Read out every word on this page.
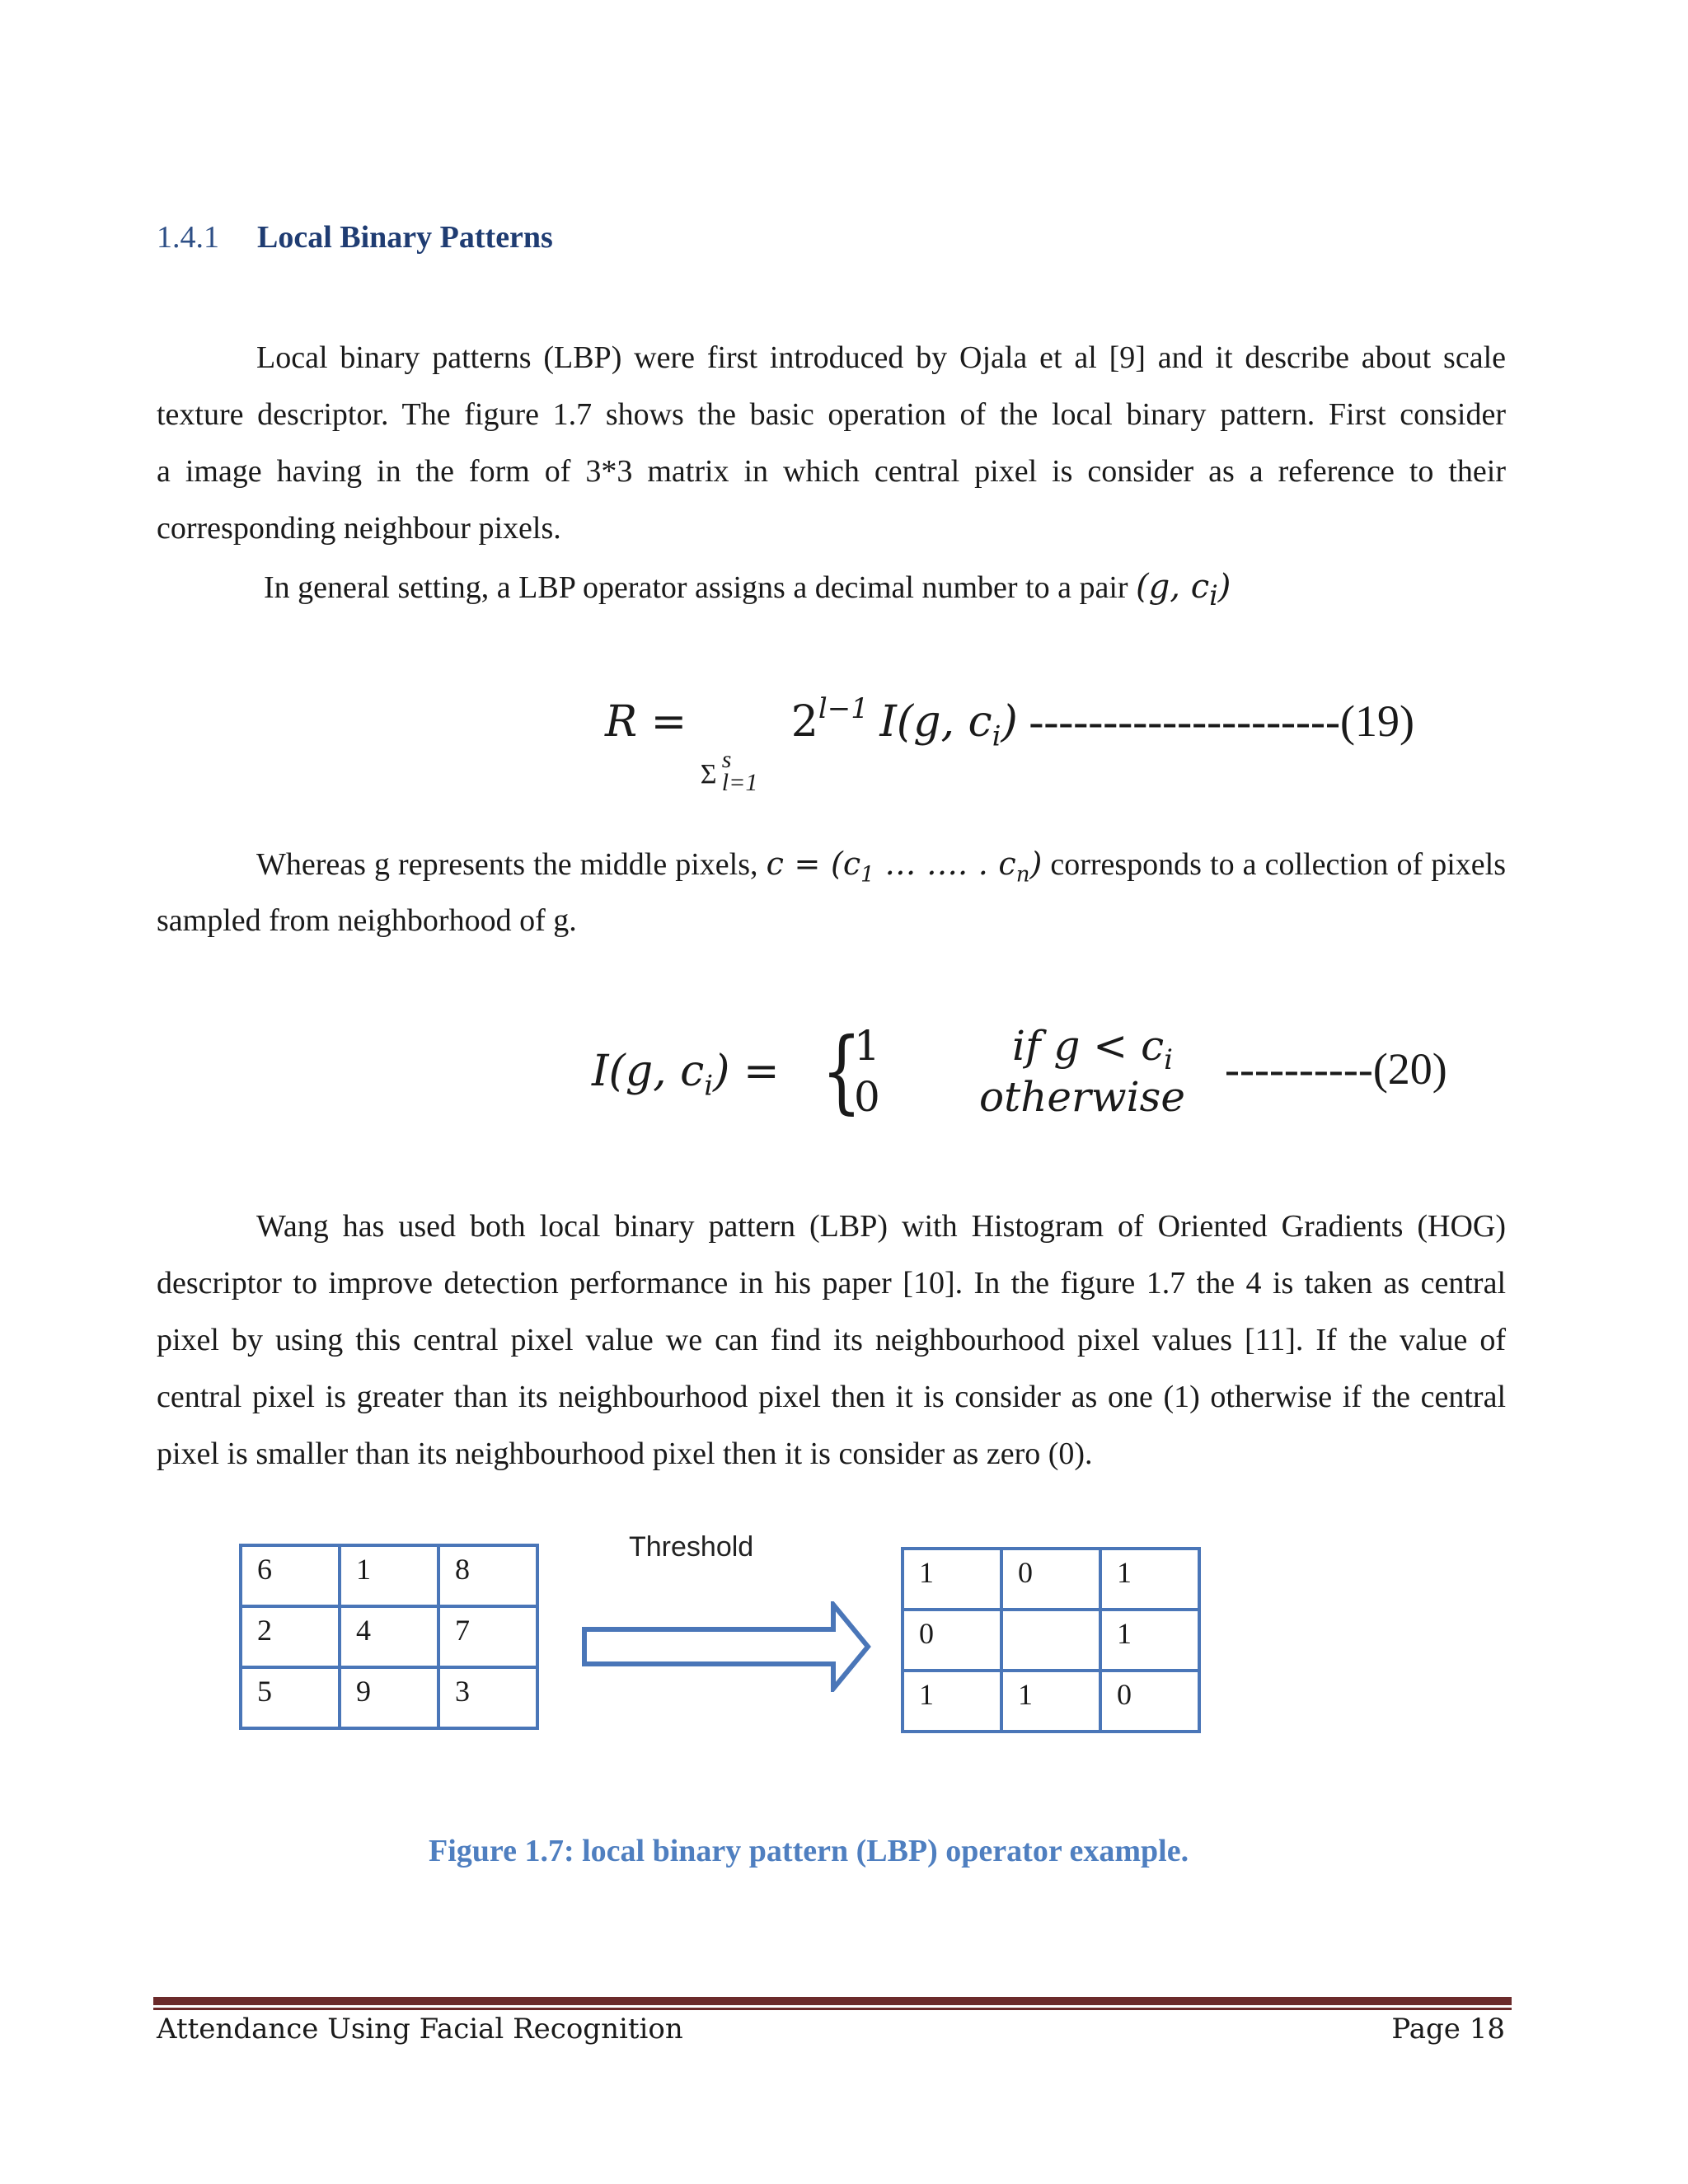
1.4.1 Local Binary Patterns
Local binary patterns (LBP) were first introduced by Ojala et al [9] and it describe about scale
texture descriptor. The figure 1.7 shows the basic operation of the local binary pattern. First consider
a image having in the form of 3*3 matrix in which central pixel is consider as a reference to their
corresponding neighbour pixels.
In general setting, a LBP operator assigns a decimal number to a pair (g, $c_i$)
R =
Σ s
l=1
$2^{l-1}$ I(g, $c_i$) ---------------------(19)
Whereas g represents the middle pixels, $c = (c_1$ … …. . $c_n$) corresponds to a collection of pixels
sampled from neighborhood of g.
I(g, $c_i$) = {
1
0
if $g < c_i$
otherwise
----------(20)
Wang has used both local binary pattern (LBP) with Histogram of Oriented Gradients (HOG)
descriptor to improve detection performance in his paper [10]. In the figure 1.7 the 4 is taken as central
pixel by using this central pixel value we can find its neighbourhood pixel values [11]. If the value of
central pixel is greater than its neighbourhood pixel then it is consider as one (1) otherwise if the central
pixel is smaller than its neighbourhood pixel then it is consider as zero (0).
6	1	8
2	4	7
5	9	3
Threshold
1	0	1
0		1
1	1	0
Figure 1.7: local binary pattern (LBP) operator example.
Attendance Using Facial Recognition	Page 18
